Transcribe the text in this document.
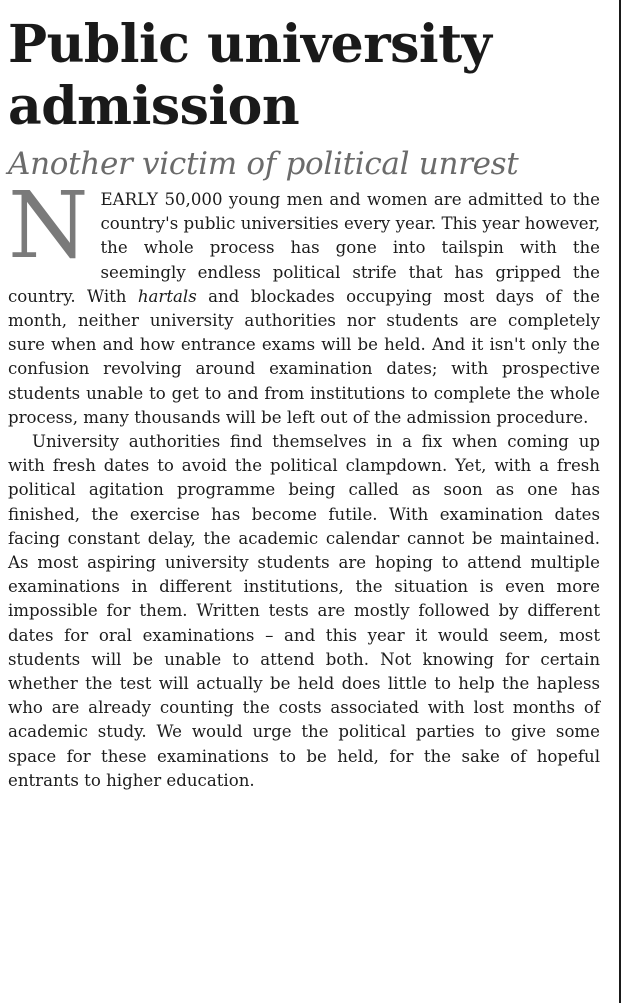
Public university admission
Another victim of political unrest

NEARLY 50,000 young men and women are admitted to the country's public universities every year. This year however, the whole process has gone into tailspin with the seemingly endless political strife that has gripped the country. With hartals and blockades occupying most days of the month, neither university authorities nor students are completely sure when and how entrance exams will be held. And it isn't only the confusion revolving around examination dates; with prospective students unable to get to and from institutions to complete the whole process, many thousands will be left out of the admission procedure.

University authorities find themselves in a fix when coming up with fresh dates to avoid the political clampdown. Yet, with a fresh political agitation programme being called as soon as one has finished, the exercise has become futile. With examination dates facing constant delay, the academic calendar cannot be maintained. As most aspiring university students are hoping to attend multiple examinations in different institutions, the situation is even more impossible for them. Written tests are mostly followed by different dates for oral examinations – and this year it would seem, most students will be unable to attend both. Not knowing for certain whether the test will actually be held does little to help the hapless who are already counting the costs associated with lost months of academic study. We would urge the political parties to give some space for these examinations to be held, for the sake of hopeful entrants to higher education.
